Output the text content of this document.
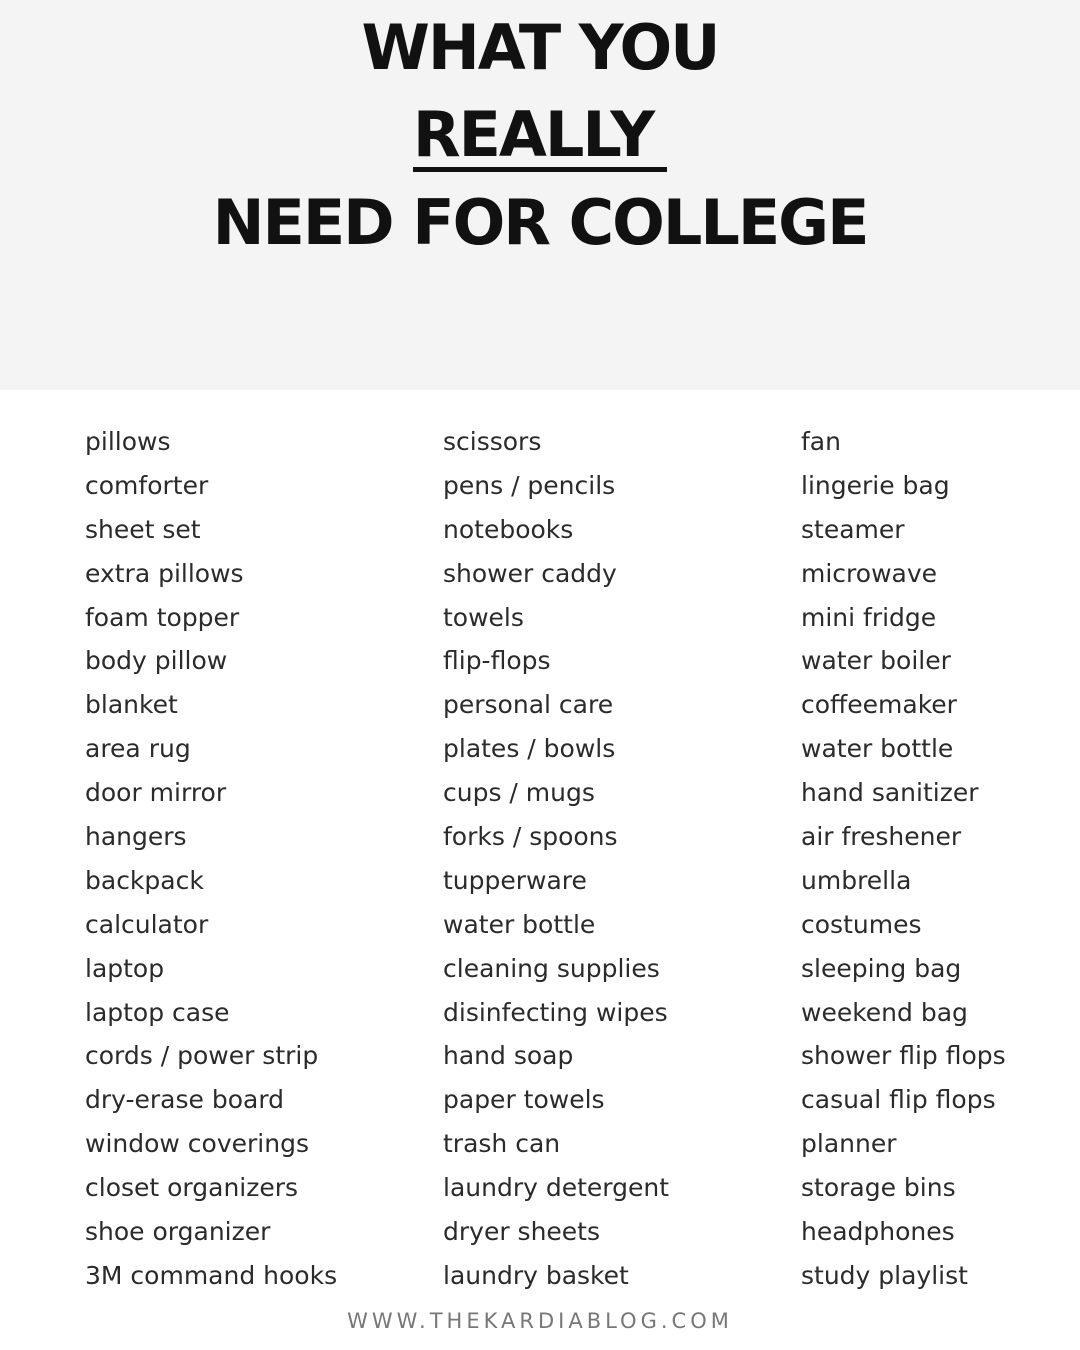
WHAT YOU
REALLY
NEED FOR COLLEGE
pillows
comforter
sheet set
extra pillows
foam topper
body pillow
blanket
area rug
door mirror
hangers
backpack
calculator
laptop
laptop case
cords / power strip
dry-erase board
window coverings
closet organizers
shoe organizer
3M command hooks
scissors
pens / pencils
notebooks
shower caddy
towels
flip-flops
personal care
plates / bowls
cups / mugs
forks / spoons
tupperware
water bottle
cleaning supplies
disinfecting wipes
hand soap
paper towels
trash can
laundry detergent
dryer sheets
laundry basket
fan
lingerie bag
steamer
microwave
mini fridge
water boiler
coffeemaker
water bottle
hand sanitizer
air freshener
umbrella
costumes
sleeping bag
weekend bag
shower flip flops
casual flip flops
planner
storage bins
headphones
study playlist
WWW.THEKARDIABLOG.COM
